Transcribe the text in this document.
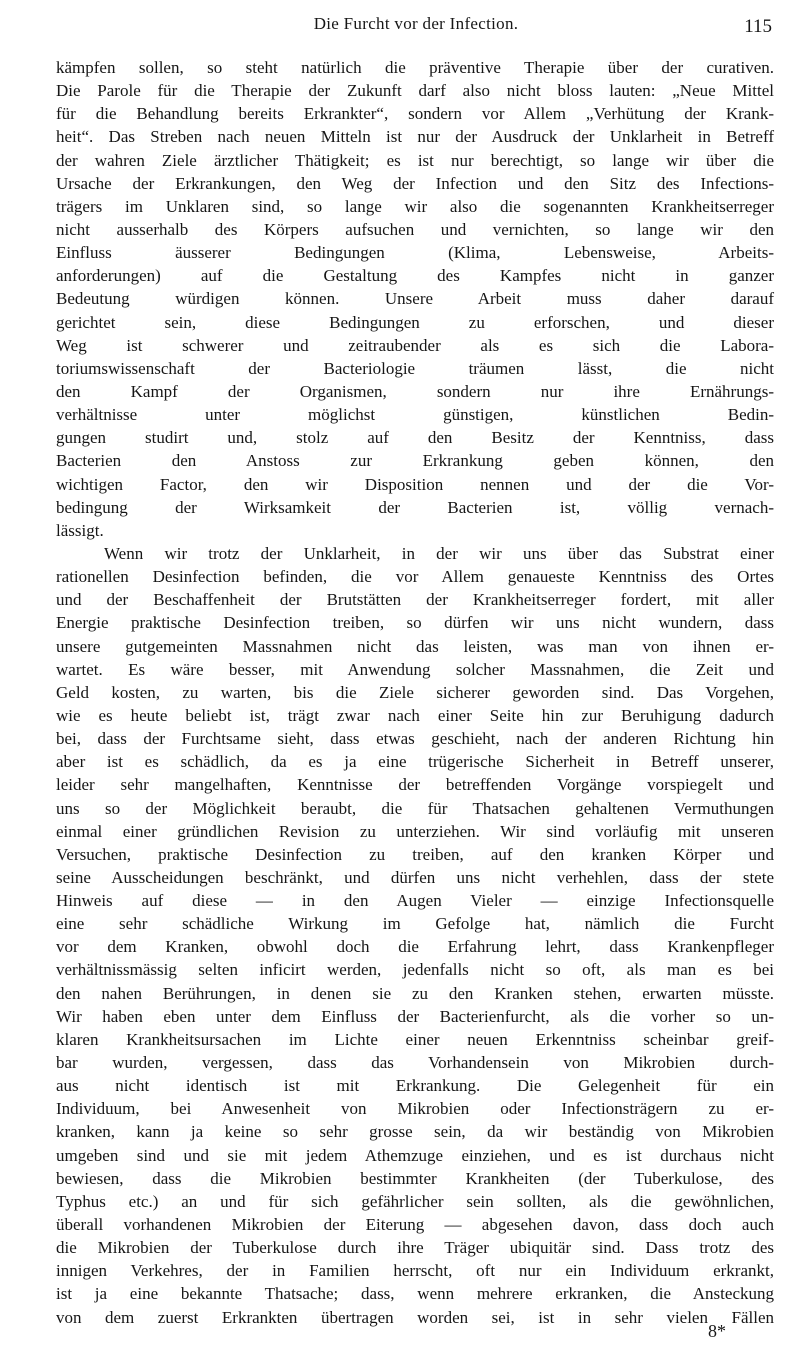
Die Furcht vor der Infection.	115
kämpfen sollen, so steht natürlich die präventive Therapie über der curativen.
Die Parole für die Therapie der Zukunft darf also nicht bloss lauten: „Neue Mittel
für die Behandlung bereits Erkrankter“, sondern vor Allem „Verhütung der Krank-
heit“. Das Streben nach neuen Mitteln ist nur der Ausdruck der Unklarheit in Betreff
der wahren Ziele ärztlicher Thätigkeit; es ist nur berechtigt, so lange wir über die
Ursache der Erkrankungen, den Weg der Infection und den Sitz des Infections-
trägers im Unklaren sind, so lange wir also die sogenannten Krankheitserreger
nicht ausserhalb des Körpers aufsuchen und vernichten, so lange wir den
Einfluss äusserer Bedingungen (Klima, Lebensweise, Arbeits-
anforderungen) auf die Gestaltung des Kampfes nicht in ganzer
Bedeutung würdigen können. Unsere Arbeit muss daher darauf
gerichtet sein, diese Bedingungen zu erforschen, und dieser
Weg ist schwerer und zeitraubender als es sich die Labora-
toriumswissenschaft der Bacteriologie träumen lässt, die nicht
den Kampf der Organismen, sondern nur ihre Ernährungs-
verhältnisse unter möglichst günstigen, künstlichen Bedin-
gungen studirt und, stolz auf den Besitz der Kenntniss, dass
Bacterien den Anstoss zur Erkrankung geben können, den
wichtigen Factor, den wir Disposition nennen und der die Vor-
bedingung der Wirksamkeit der Bacterien ist, völlig vernach-
lässigt.
Wenn wir trotz der Unklarheit, in der wir uns über das Substrat einer
rationellen Desinfection befinden, die vor Allem genaueste Kenntniss des Ortes
und der Beschaffenheit der Brutstätten der Krankheitserreger fordert, mit aller
Energie praktische Desinfection treiben, so dürfen wir uns nicht wundern, dass
unsere gutgemeinten Massnahmen nicht das leisten, was man von ihnen er-
wartet. Es wäre besser, mit Anwendung solcher Massnahmen, die Zeit und
Geld kosten, zu warten, bis die Ziele sicherer geworden sind. Das Vorgehen,
wie es heute beliebt ist, trägt zwar nach einer Seite hin zur Beruhigung dadurch
bei, dass der Furchtsame sieht, dass etwas geschieht, nach der anderen Richtung hin
aber ist es schädlich, da es ja eine trügerische Sicherheit in Betreff unserer,
leider sehr mangelhaften, Kenntnisse der betreffenden Vorgänge vorspiegelt und
uns so der Möglichkeit beraubt, die für Thatsachen gehaltenen Vermuthungen
einmal einer gründlichen Revision zu unterziehen. Wir sind vorläufig mit unseren
Versuchen, praktische Desinfection zu treiben, auf den kranken Körper und
seine Ausscheidungen beschränkt, und dürfen uns nicht verhehlen, dass der stete
Hinweis auf diese — in den Augen Vieler — einzige Infectionsquelle
eine sehr schädliche Wirkung im Gefolge hat, nämlich die Furcht
vor dem Kranken, obwohl doch die Erfahrung lehrt, dass Krankenpfleger
verhältnissmässig selten inficirt werden, jedenfalls nicht so oft, als man es bei
den nahen Berührungen, in denen sie zu den Kranken stehen, erwarten müsste.
Wir haben eben unter dem Einfluss der Bacterienfurcht, als die vorher so un-
klaren Krankheitsursachen im Lichte einer neuen Erkenntniss scheinbar greif-
bar wurden, vergessen, dass das Vorhandensein von Mikrobien durch-
aus nicht identisch ist mit Erkrankung. Die Gelegenheit für ein
Individuum, bei Anwesenheit von Mikrobien oder Infectionsträgern zu er-
kranken, kann ja keine so sehr grosse sein, da wir beständig von Mikrobien
umgeben sind und sie mit jedem Athemzuge einziehen, und es ist durchaus nicht
bewiesen, dass die Mikrobien bestimmter Krankheiten (der Tuberkulose, des
Typhus etc.) an und für sich gefährlicher sein sollten, als die gewöhnlichen,
überall vorhandenen Mikrobien der Eiterung — abgesehen davon, dass doch auch
die Mikrobien der Tuberkulose durch ihre Träger ubiquitär sind. Dass trotz des
innigen Verkehres, der in Familien herrscht, oft nur ein Individuum erkrankt,
ist ja eine bekannte Thatsache; dass, wenn mehrere erkranken, die Ansteckung
von dem zuerst Erkrankten übertragen worden sei, ist in sehr vielen Fällen
8*
